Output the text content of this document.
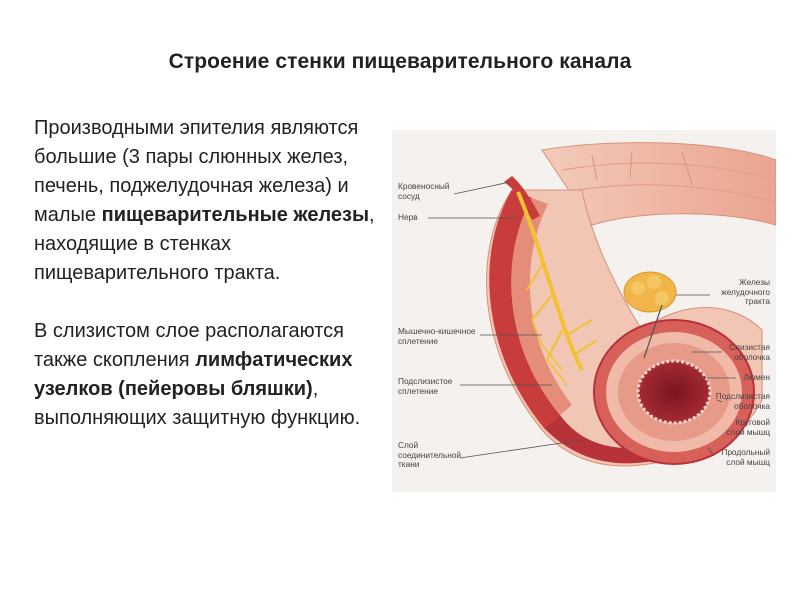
Строение стенки пищеварительного канала

Производными эпителия являются большие (3 пары слюнных желез, печень, поджелудочная железа) и малые пищеварительные железы, находящие в стенках пищеварительного тракта.

В слизистом слое располагаются также скопления лимфатических узелков (пейеровы бляшки), выполняющих защитную функцию.

Кровеносный
сосуд
Нерв
Мышечно-кишечное
сплетение
Подслизистое
сплетение
Слой
соединительной
ткани
Железы
желудочного
тракта
Слизистая
оболочка
Люмен
Подслизистая
оболочка
Круговой
слой мышц
Продольный
слой мышц
